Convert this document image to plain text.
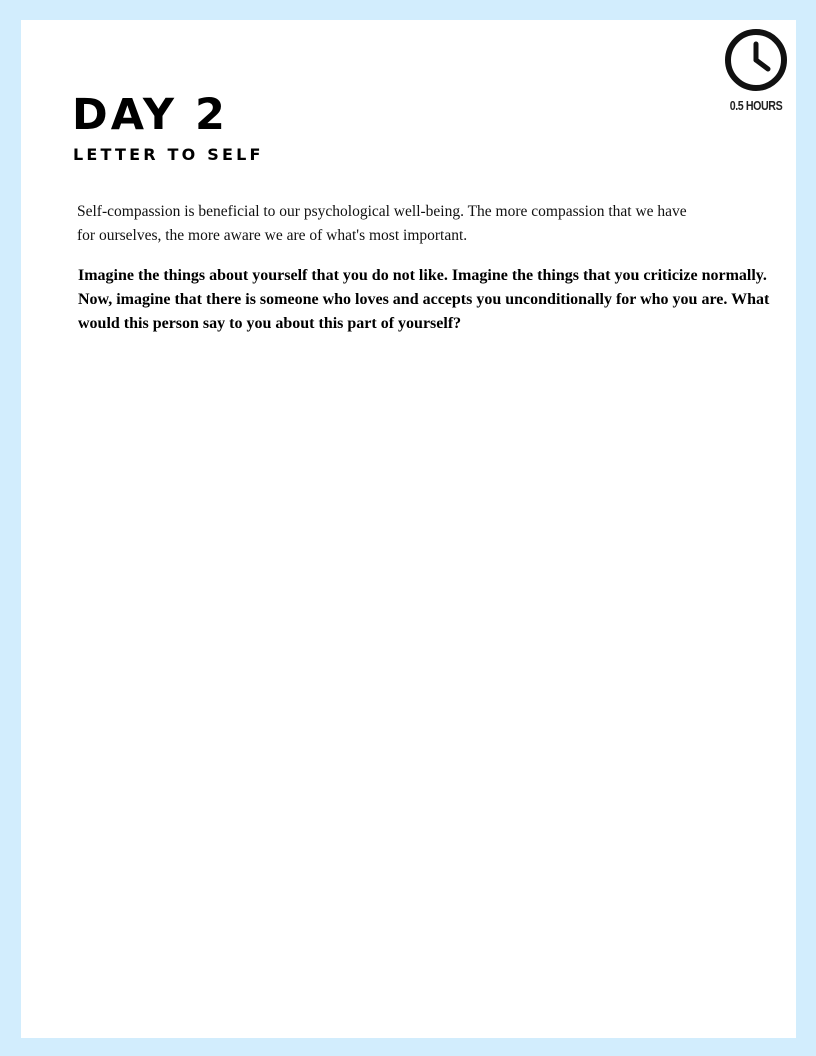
DAY 2
LETTER TO SELF

0.5 HOURS

Self-compassion is beneficial to our psychological well-being. The more compassion that we have for ourselves, the more aware we are of what's most important.

Imagine the things about yourself that you do not like. Imagine the things that you criticize normally. Now, imagine that there is someone who loves and accepts you unconditionally for who you are. What would this person say to you about this part of yourself?
